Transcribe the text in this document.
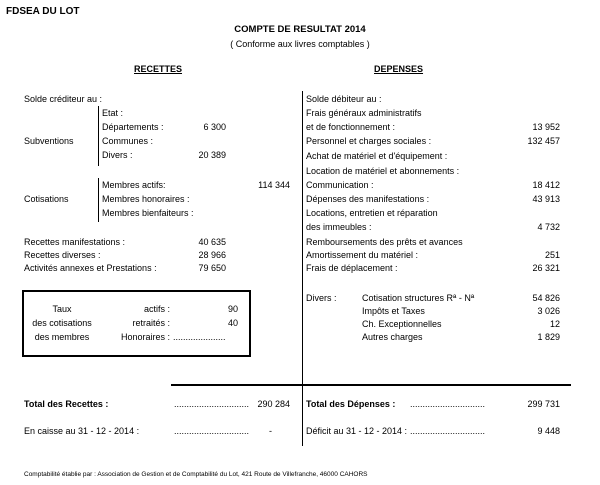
FDSEA DU LOT
COMPTE DE RESULTAT 2014
( Conforme aux livres comptables )
RECETTES	DEPENSES
Solde créditeur au :
Subventions
Etat :
Départements :	6 300
Communes :
Divers :	20 389
Cotisations
Membres actifs:	114 344
Membres honoraires :
Membres bienfaiteurs :
Recettes manifestations :	40 635
Recettes diverses :	28 966
Activités annexes et Prestations :	79 650
Taux
des cotisations
des membres
actifs :	90
retraités :	40
Honoraires : .....................
Solde débiteur au :
Frais généraux administratifs
et de fonctionnement :	13 952
Personnel et charges sociales :	132 457
Achat de matériel et d'équipement :
Location de matériel et abonnements :
Communication :	18 412
Dépenses des manifestations :	43 913
Locations, entretien et réparation
des immeubles :	4 732
Remboursements des prêts et avances
Amortissement du matériel :	251
Frais de déplacement :	26 321
Divers :	Cotisation structures Rª - Nª	54 826
Impôts et Taxes	3 026
Ch. Exceptionnelles	12
Autres charges	1 829
Total des Recettes :	.............................. 290 284 Total des Dépenses : ..............................	299 731
En caisse au 31 - 12 - 2014 :	..............................	-	Déficit au 31 - 12 - 2014 : ..............................	9 448
Comptabilité établie par : Association de Gestion et de Comptabilité du Lot, 421 Route de Villefranche, 46000 CAHORS
